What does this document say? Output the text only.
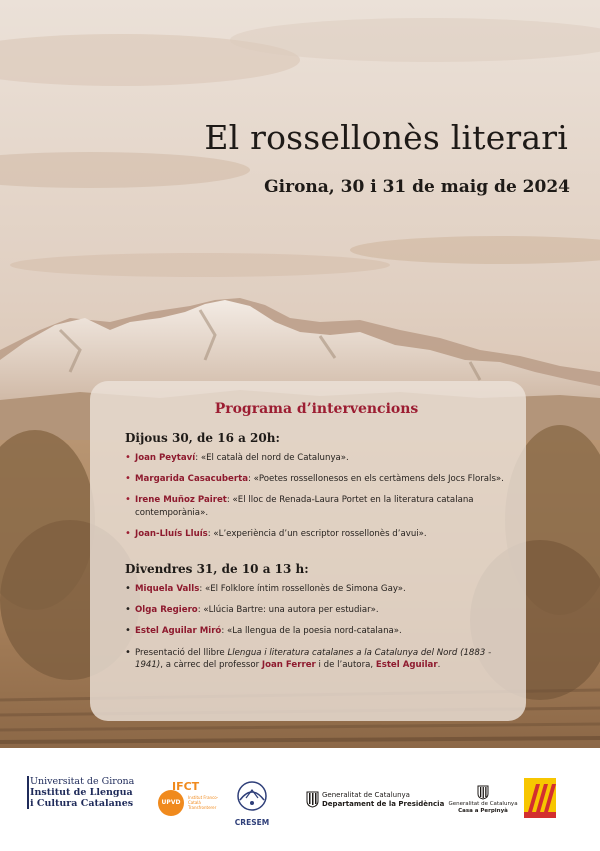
El rossellonès literari
Girona, 30 i 31 de maig de 2024
Programa d’intervencions
Dijous 30, de 16 a 20h:
• Joan Peytaví: «El català del nord de Catalunya».
• Margarida Casacuberta: «Poetes rossellonesos en els certàmens dels Jocs Florals».
• Irene Muñoz Pairet: «El lloc de Renada-Laura Portet en la literatura catalana contemporània».
• Joan-Lluís Lluís: «L’experiència d’un escriptor rossellonès d’avui».
Divendres 31, de 10 a 13 h:
• Miquela Valls: «El Folklore íntim rossellonès de Simona Gay».
• Olga Regiero: «Llúcia Bartre: una autora per estudiar».
• Estel Aguilar Miró: «La llengua de la poesia nord-catalana».
• Presentació del llibre Llengua i literatura catalanes a la Catalunya del Nord (1883 - 1941), a càrrec del professor Joan Ferrer i de l’autora, Estel Aguilar.
Universitat de Girona
Institut de Llengua
i Cultura Catalanes	UPVD
IFCT
Institut Franco-Català Transfronterer
CRESEM
Generalitat de Catalunya
Departament de la Presidència Generalitat de Catalunya
Casa a Perpinyà
